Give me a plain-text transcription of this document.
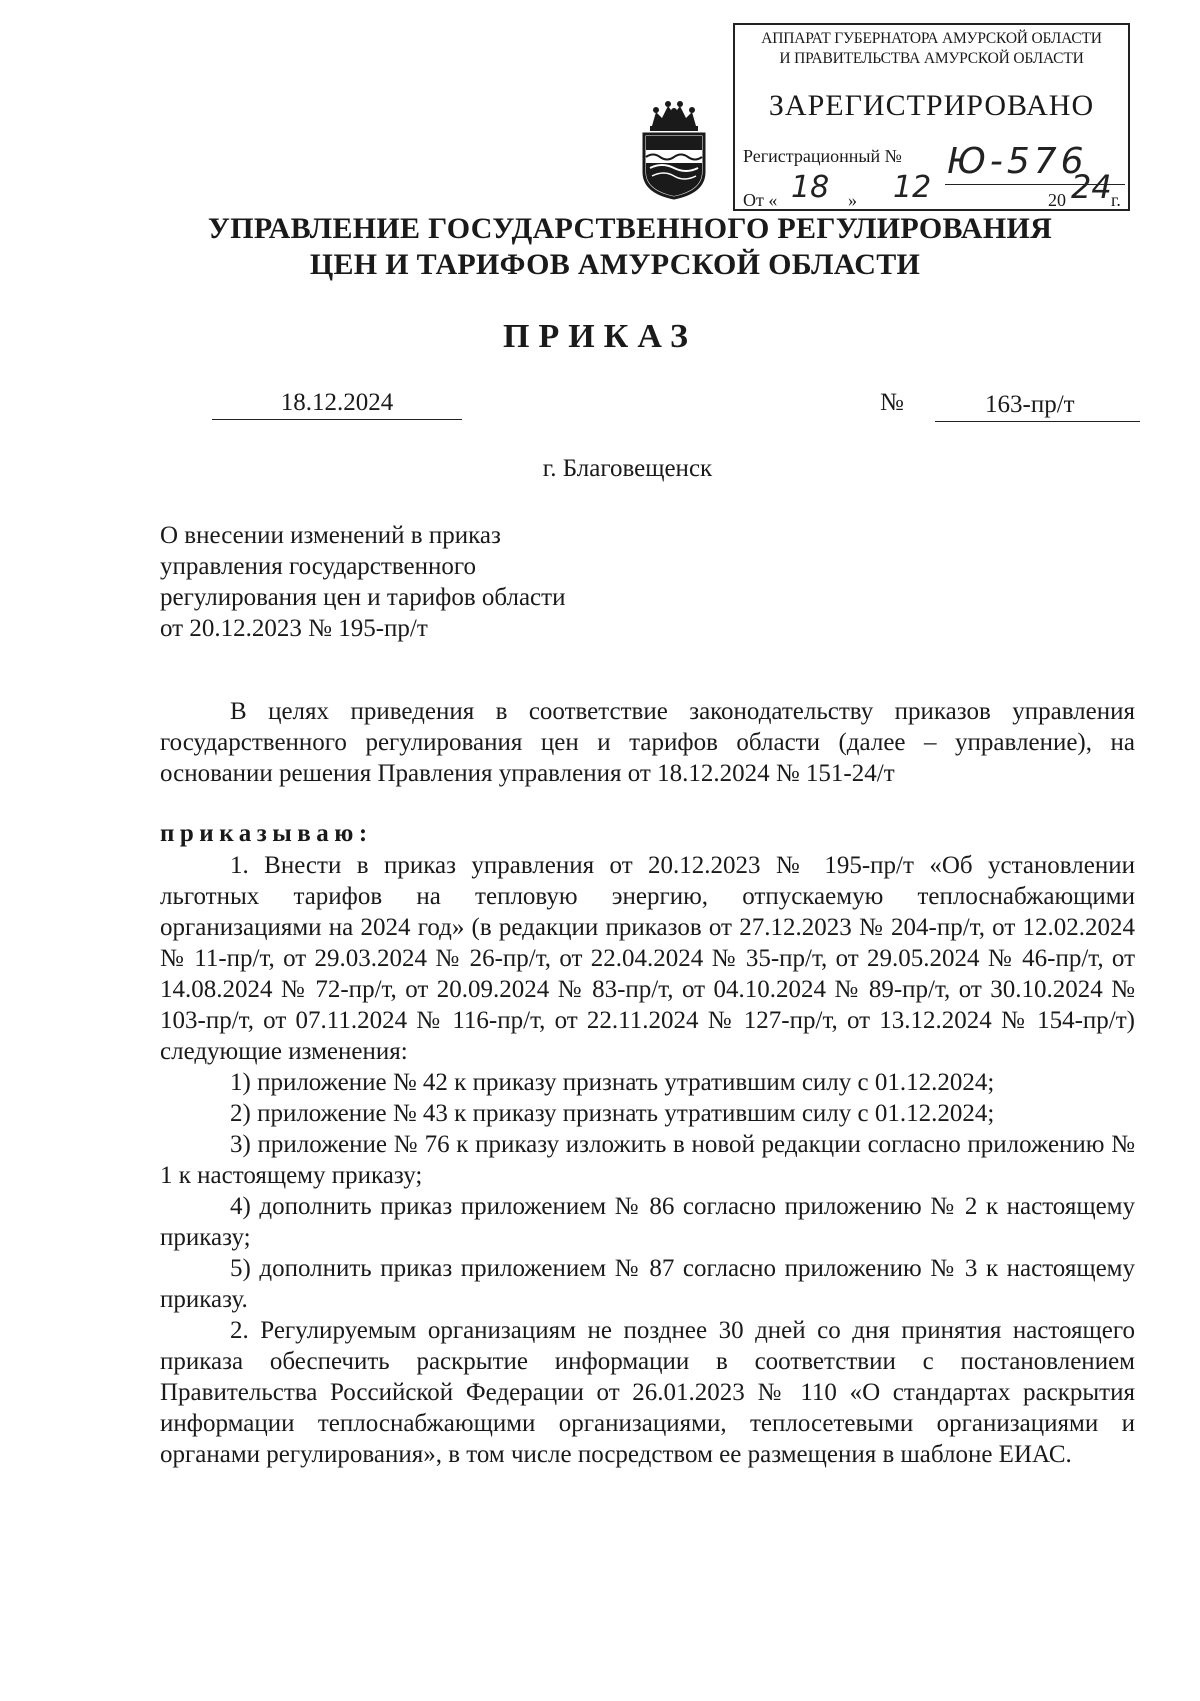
АППАРАТ ГУБЕРНАТОРА АМУРСКОЙ ОБЛАСТИ
И ПРАВИТЕЛЬСТВА АМУРСКОЙ ОБЛАСТИ
ЗАРЕГИСТРИРОВАНО
Регистрационный № Ю-576
От « 18 » 12	20 24 г.
УПРАВЛЕНИЕ ГОСУДАРСТВЕННОГО РЕГУЛИРОВАНИЯ
ЦЕН И ТАРИФОВ АМУРСКОЙ ОБЛАСТИ
ПРИКАЗ
18.12.2024	№	163-пр/т
г. Благовещенск
О внесении изменений в приказ
управления государственного
регулирования цен и тарифов области
от 20.12.2023 № 195-пр/т

В целях приведения в соответствие законодательству приказов управления государственного регулирования цен и тарифов области (далее – управление), на основании решения Правления управления от 18.12.2024 № 151-24/т

приказываю:

1. Внести в приказ управления от 20.12.2023 № 195-пр/т «Об установлении льготных тарифов на тепловую энергию, отпускаемую теплоснабжающими организациями на 2024 год» (в редакции приказов от 27.12.2023 № 204-пр/т, от 12.02.2024 № 11-пр/т, от 29.03.2024 № 26-пр/т, от 22.04.2024 № 35-пр/т, от 29.05.2024 № 46-пр/т, от 14.08.2024 № 72-пр/т, от 20.09.2024 № 83-пр/т, от 04.10.2024 № 89-пр/т, от 30.10.2024 № 103-пр/т, от 07.11.2024 № 116-пр/т, от 22.11.2024 № 127-пр/т, от 13.12.2024 № 154-пр/т) следующие изменения:

1) приложение № 42 к приказу признать утратившим силу с 01.12.2024;

2) приложение № 43 к приказу признать утратившим силу с 01.12.2024;

3) приложение № 76 к приказу изложить в новой редакции согласно приложению № 1 к настоящему приказу;

4) дополнить приказ приложением № 86 согласно приложению № 2 к настоящему приказу;

5) дополнить приказ приложением № 87 согласно приложению № 3 к настоящему приказу.

2. Регулируемым организациям не позднее 30 дней со дня принятия настоящего приказа обеспечить раскрытие информации в соответствии с постановлением Правительства Российской Федерации от 26.01.2023 № 110 «О стандартах раскрытия информации теплоснабжающими организациями, теплосетевыми организациями и органами регулирования», в том числе посредством ее размещения в шаблоне ЕИАС.
